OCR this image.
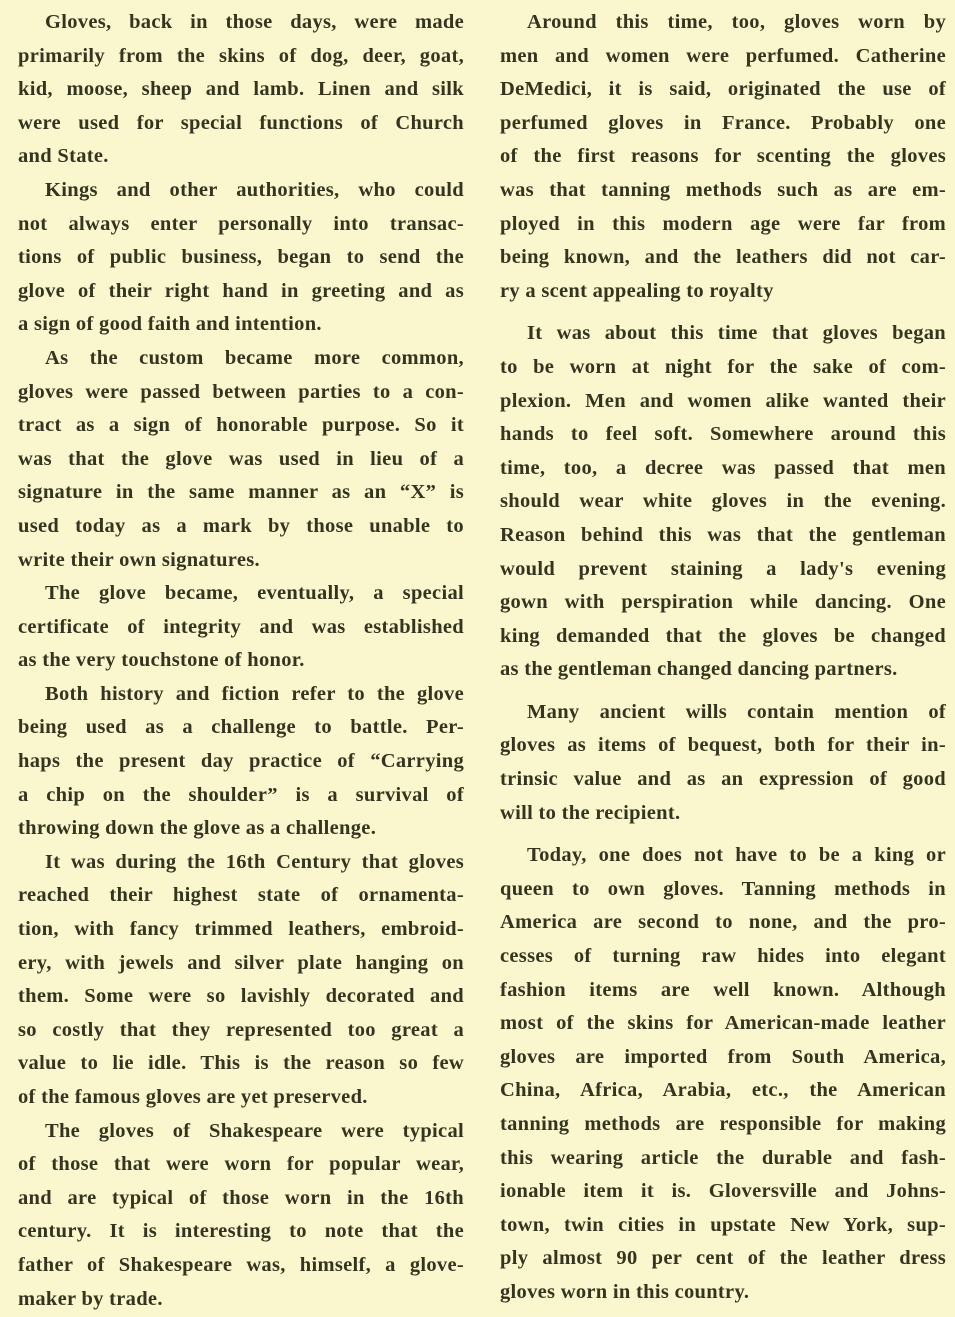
Gloves, back in those days, were made
primarily from the skins of dog, deer, goat,
kid, moose, sheep and lamb. Linen and silk
were used for special functions of Church
and State.
Kings and other authorities, who could
not always enter personally into transac-
tions of public business, began to send the
glove of their right hand in greeting and as
a sign of good faith and intention.
As the custom became more common,
gloves were passed between parties to a con-
tract as a sign of honorable purpose. So it
was that the glove was used in lieu of a
signature in the same manner as an “X” is
used today as a mark by those unable to
write their own signatures.
The glove became, eventually, a special
certificate of integrity and was established
as the very touchstone of honor.
Both history and fiction refer to the glove
being used as a challenge to battle. Per-
haps the present day practice of “Carrying
a chip on the shoulder” is a survival of
throwing down the glove as a challenge.
It was during the 16th Century that gloves
reached their highest state of ornamenta-
tion, with fancy trimmed leathers, embroid-
ery, with jewels and silver plate hanging on
them. Some were so lavishly decorated and
so costly that they represented too great a
value to lie idle. This is the reason so few
of the famous gloves are yet preserved.
The gloves of Shakespeare were typical
of those that were worn for popular wear,
and are typical of those worn in the 16th
century. It is interesting to note that the
father of Shakespeare was, himself, a glove-
maker by trade.
Around this time, too, gloves worn by
men and women were perfumed. Catherine
DeMedici, it is said, originated the use of
perfumed gloves in France. Probably one
of the first reasons for scenting the gloves
was that tanning methods such as are em-
ployed in this modern age were far from
being known, and the leathers did not car-
ry a scent appealing to royalty
It was about this time that gloves began
to be worn at night for the sake of com-
plexion. Men and women alike wanted their
hands to feel soft. Somewhere around this
time, too, a decree was passed that men
should wear white gloves in the evening.
Reason behind this was that the gentleman
would prevent staining a lady's evening
gown with perspiration while dancing. One
king demanded that the gloves be changed
as the gentleman changed dancing partners.
Many ancient wills contain mention of
gloves as items of bequest, both for their in-
trinsic value and as an expression of good
will to the recipient.
Today, one does not have to be a king or
queen to own gloves. Tanning methods in
America are second to none, and the pro-
cesses of turning raw hides into elegant
fashion items are well known. Although
most of the skins for American-made leather
gloves are imported from South America,
China, Africa, Arabia, etc., the American
tanning methods are responsible for making
this wearing article the durable and fash-
ionable item it is. Gloversville and Johns-
town, twin cities in upstate New York, sup-
ply almost 90 per cent of the leather dress
gloves worn in this country.
